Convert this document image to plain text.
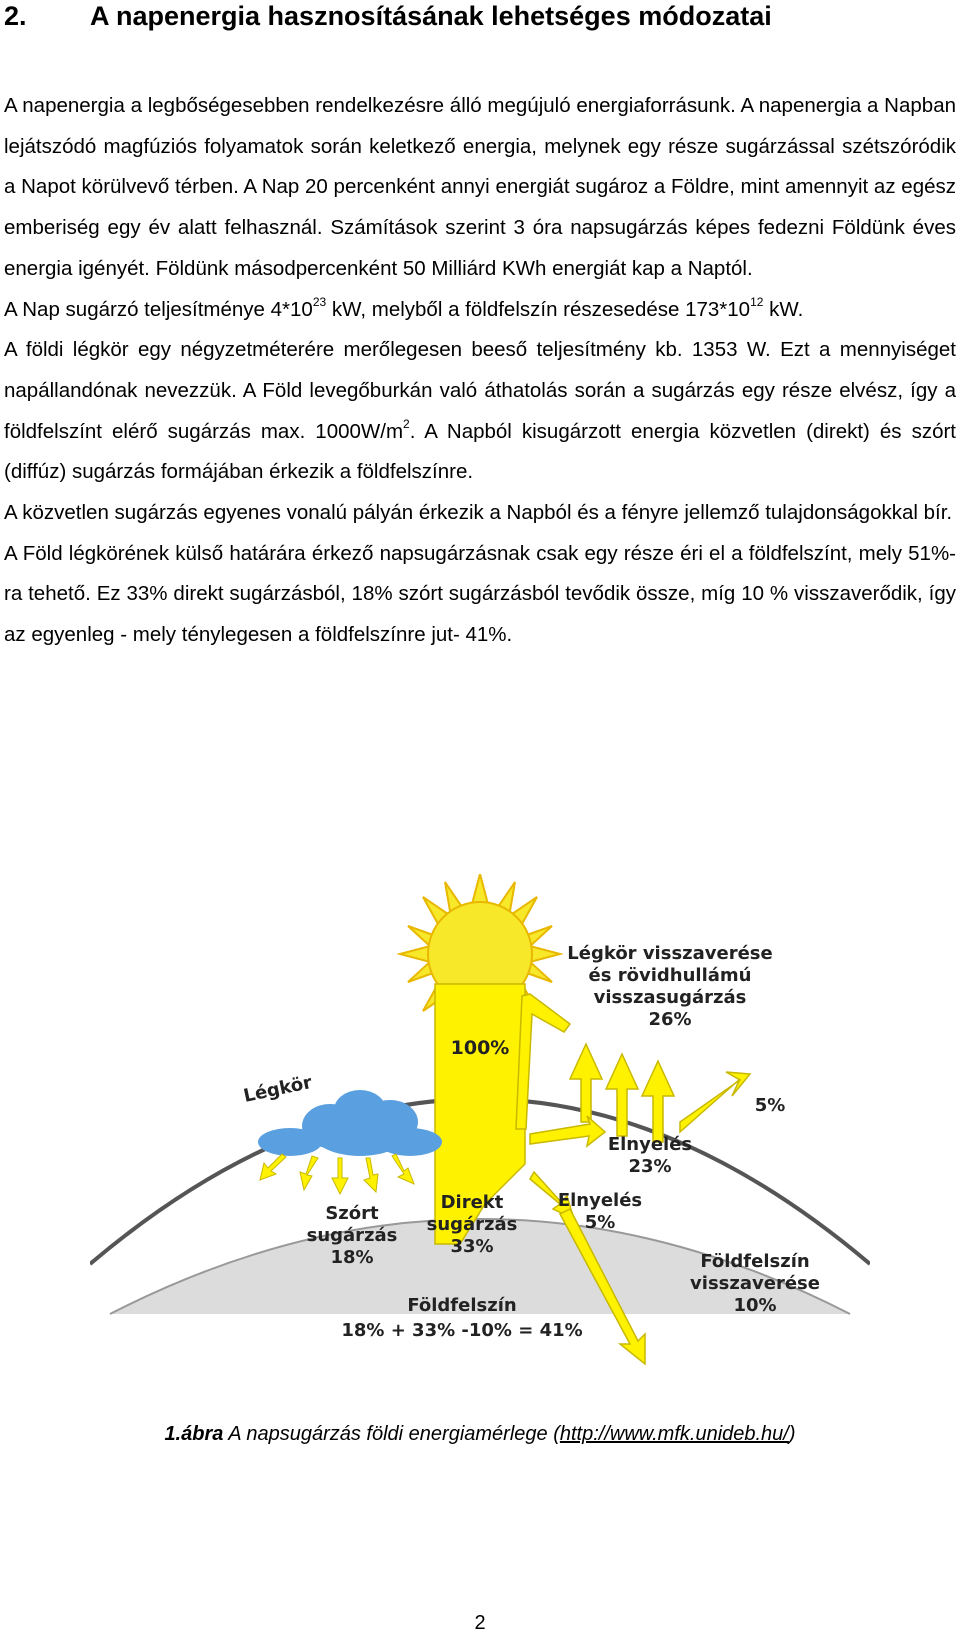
2. A napenergia hasznosításának lehetséges módozatai

A napenergia a legbőségesebben rendelkezésre álló megújuló energiaforrásunk. A napenergia a Napban lejátszódó magfúziós folyamatok során keletkező energia, melynek egy része sugárzással szétszóródik a Napot körülvevő térben. A Nap 20 percenként annyi energiát sugároz a Földre, mint amennyit az egész emberiség egy év alatt felhasznál. Számítások szerint 3 óra napsugárzás képes fedezni Földünk éves energia igényét. Földünk másodpercenként 50 Milliárd KWh energiát kap a Naptól.

A Nap sugárzó teljesítménye $4*10^{23}$ kW, melyből a földfelszín részesedése $173*10^{12}$ kW.

A földi légkör egy négyzetméterére merőlegesen beeső teljesítmény kb. 1353 W. Ezt a mennyiséget napállandónak nevezzük. A Föld levegőburkán való áthatolás során a sugárzás egy része elvész, így a földfelszínt elérő sugárzás max. $1000W/m^2$. A Napból kisugárzott energia közvetlen (direkt) és szórt (diffúz) sugárzás formájában érkezik a földfelszínre.

A közvetlen sugárzás egyenes vonalú pályán érkezik a Napból és a fényre jellemző tulajdonságokkal bír.

A Föld légkörének külső határára érkező napsugárzásnak csak egy része éri el a földfelszínt, mely 51%-ra tehető. Ez 33% direkt sugárzásból, 18% szórt sugárzásból tevődik össze, míg 10 % visszaverődik, így az egyenleg - mely ténylegesen a földfelszínre jut- 41%.

100%
Légkör
Légkör visszaverése
és rövidhullámú
visszasugárzás
26%
5%
Elnyelés
23%
Elnyelés
5%
Szórt
sugárzás
18%
Direkt
sugárzás
33%
Földfelszín
visszaverése
10%
Földfelszín
18% + 33% -10% = 41%
1.ábra A napsugárzás földi energiamérlege (http://www.mfk.unideb.hu/)
2
